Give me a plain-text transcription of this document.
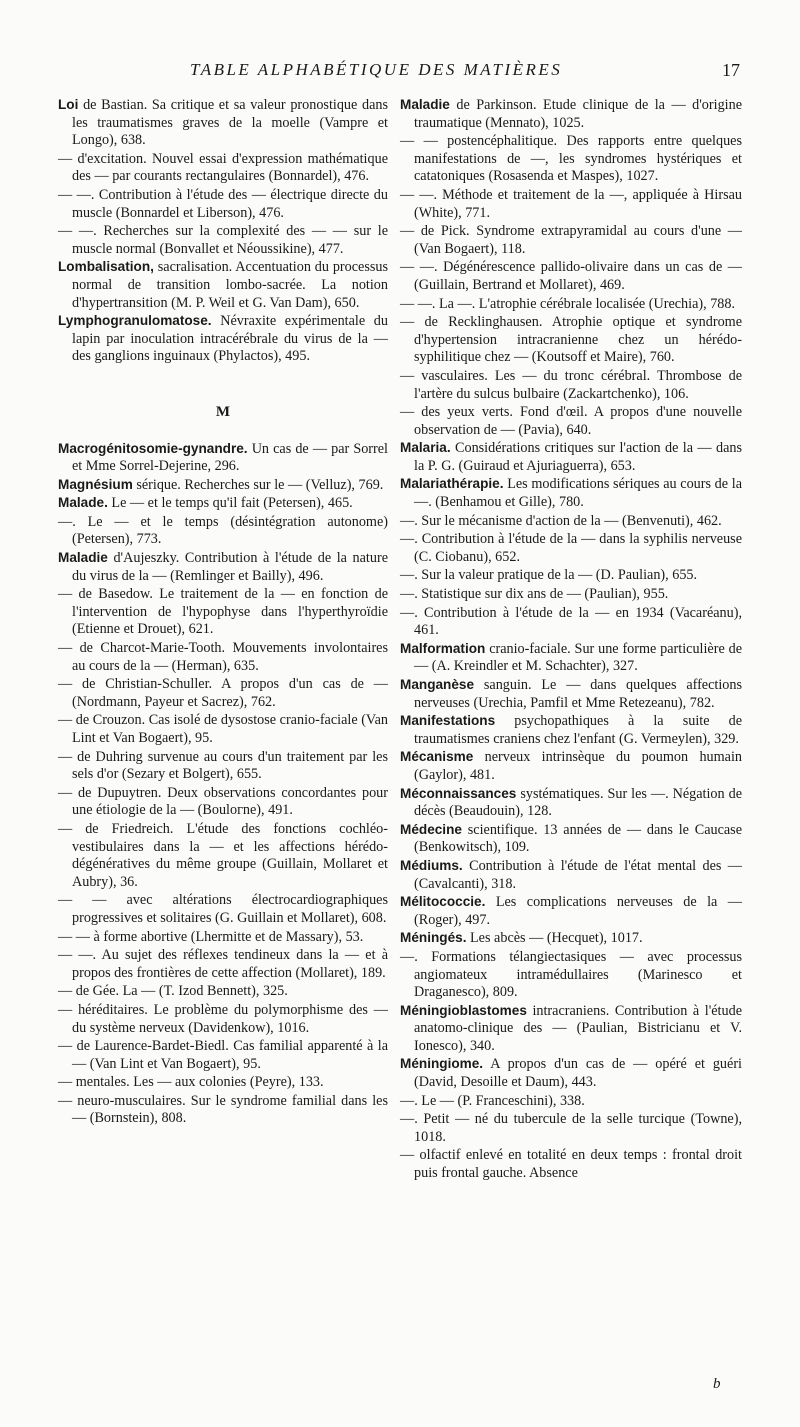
TABLE ALPHABÉTIQUE DES MATIÈRES	17

Loi de Bastian. Sa critique et sa valeur pronostique dans les traumatismes graves de la moelle (Vampre et Longo), 638.

— d'excitation. Nouvel essai d'expression mathématique des — par courants rectangulaires (Bonnardel), 476.

— —. Contribution à l'étude des — électrique directe du muscle (Bonnardel et Liberson), 476.

— —. Recherches sur la complexité des — — sur le muscle normal (Bonvallet et Néoussikine), 477.

Lombalisation, sacralisation. Accentuation du processus normal de transition lombo-sacrée. La notion d'hypertransition (M. P. Weil et G. Van Dam), 650.

Lymphogranulomatose. Névraxite expérimentale du lapin par inoculation intracérébrale du virus de la — des ganglions inguinaux (Phylactos), 495.

M

Macrogénitosomie-gynandre. Un cas de — par Sorrel et Mme Sorrel-Dejerine, 296.

Magnésium sérique. Recherches sur le — (Velluz), 769.

Malade. Le — et le temps qu'il fait (Petersen), 465.

—. Le — et le temps (désintégration autonome) (Petersen), 773.

Maladie d'Aujeszky. Contribution à l'étude de la nature du virus de la — (Remlinger et Bailly), 496.

— de Basedow. Le traitement de la — en fonction de l'intervention de l'hypophyse dans l'hyperthyroïdie (Etienne et Drouet), 621.

— de Charcot-Marie-Tooth. Mouvements involontaires au cours de la — (Herman), 635.

— de Christian-Schuller. A propos d'un cas de — (Nordmann, Payeur et Sacrez), 762.

— de Crouzon. Cas isolé de dysostose cranio-faciale (Van Lint et Van Bogaert), 95.

— de Duhring survenue au cours d'un traitement par les sels d'or (Sezary et Bolgert), 655.

— de Dupuytren. Deux observations concordantes pour une étiologie de la — (Bouloгne), 491.

— de Friedreich. L'étude des fonctions cochléo-vestibulaires dans la — et les affections hérédo-dégénératives du même groupe (Guillain, Mollaret et Aubry), 36.

— — avec altérations électrocardiographiques progressives et solitaires (G. Guillain et Mollaret), 608.

— — à forme abortive (Lhermitte et de Massary), 53.

— —. Au sujet des réflexes tendineux dans la — et à propos des frontières de cette affection (Mollaret), 189.

— de Gée. La — (T. Izod Bennett), 325.

— héréditaires. Le problème du polymorphisme des — du système nerveux (Davidenkow), 1016.

— de Laurence-Bardet-Biedl. Cas familial apparenté à la — (Van Lint et Van Bogaert), 95.

— mentales. Les — aux colonies (Peyre), 133.

— neuro-musculaires. Sur le syndrome familial dans les — (Bornstein), 808.

Maladie de Parkinson. Etude clinique de la — d'origine traumatique (Mennato), 1025.

— — postencéphalitique. Des rapports entre quelques manifestations de —, les syndromes hystériques et catatoniques (Rosasenda et Maspes), 1027.

— —. Méthode et traitement de la —, appliquée à Hirsau (White), 771.

— de Pick. Syndrome extrapyramidal au cours d'une — (Van Bogaert), 118.

— —. Dégénérescence pallido-olivaire dans un cas de — (Guillain, Bertrand et Mollaret), 469.

— —. La —. L'atrophie cérébrale localisée (Urechia), 788.

— de Recklinghausen. Atrophie optique et syndrome d'hypertension intracranienne chez un hérédo-syphilitique chez — (Koutsoff et Maire), 760.

— vasculaires. Les — du tronc cérébral. Thrombose de l'artère du sulcus bulbaire (Zackartchenko), 106.

— des yeux verts. Fond d'œil. A propos d'une nouvelle observation de — (Pavia), 640.

Malaria. Considérations critiques sur l'action de la — dans la P. G. (Guiraud et Ajuriaguerra), 653.

Malariathérapie. Les modifications sériques au cours de la —. (Benhamou et Gille), 780.

—. Sur le mécanisme d'action de la — (Benvenuti), 462.

—. Contribution à l'étude de la — dans la syphilis nerveuse (C. Ciobanu), 652.

—. Sur la valeur pratique de la — (D. Paulian), 655.

—. Statistique sur dix ans de — (Paulian), 955.

—. Contribution à l'étude de la — en 1934 (Vacaréanu), 461.

Malformation cranio-faciale. Sur une forme particulière de — (A. Kreindler et M. Schachter), 327.

Manganèse sanguin. Le — dans quelques affections nerveuses (Urechia, Pamfil et Mme Retezeanu), 782.

Manifestations psychopathiques à la suite de traumatismes craniens chez l'enfant (G. Vermeylen), 329.

Mécanisme nerveux intrinsèque du poumon humain (Gaylor), 481.

Méconnaissances systématiques. Sur les —. Négation de décès (Beaudouin), 128.

Médecine scientifique. 13 années de — dans le Caucase (Benkowitsch), 109.

Médiums. Contribution à l'étude de l'état mental des — (Cavalcanti), 318.

Mélitococcie. Les complications nerveuses de la — (Roger), 497.

Méningés. Les abcès — (Hecquet), 1017.

—. Formations télangiectasiques — avec processus angiomateux intramédullaires (Marinesco et Draganesco), 809.

Méningioblastomes intracraniens. Contribution à l'étude anatomo-clinique des — (Paulian, Bistricianu et V. Ionesco), 340.

Méningiome. A propos d'un cas de — opéré et guéri (David, Desoille et Daum), 443.

—. Le — (P. Franceschini), 338.

—. Petit — né du tubercule de la selle turcique (Towne), 1018.

— olfactif enlevé en totalité en deux temps : frontal droit puis frontal gauche. Absence

b
